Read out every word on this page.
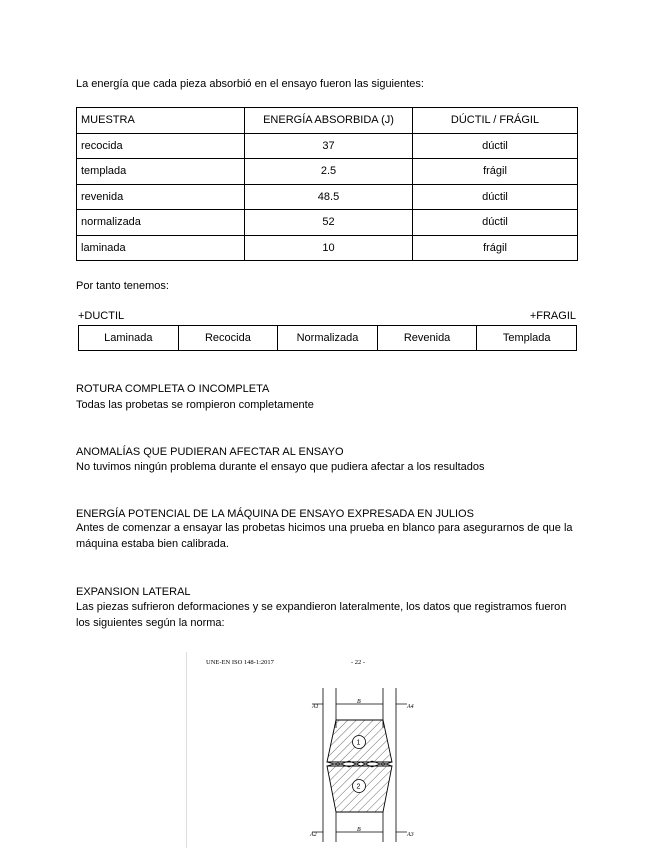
La energía que cada pieza absorbió en el ensayo fueron las siguientes:
MUESTRA	ENERGÍA ABSORBIDA (J)	DÚCTIL / FRÁGIL
recocida	37	dúctil
templada	2.5	frágil
revenida	48.5	dúctil
normalizada	52	dúctil
laminada	10	frágil
Por tanto tenemos:
+DUCTIL	+FRAGIL
Laminada	Recocida	Normalizada	Revenida	Templada
ROTURA COMPLETA O INCOMPLETA
Todas las probetas se rompieron completamente
ANOMALÍAS QUE PUDIERAN AFECTAR AL ENSAYO
No tuvimos ningún problema durante el ensayo que pudiera afectar a los resultados
ENERGÍA POTENCIAL DE LA MÁQUINA DE ENSAYO EXPRESADA EN JULIOS
Antes de comenzar a ensayar las probetas hicimos una prueba en blanco para asegurarnos de que la máquina estaba bien calibrada.
EXPANSION LATERAL
Las piezas sufrieron deformaciones y se expandieron lateralmente, los datos que registramos fueron los siguientes según la norma:
UNE-EN ISO 148-1:2017	- 22 -
A1
B
A4
1
2
A2
B
A3
